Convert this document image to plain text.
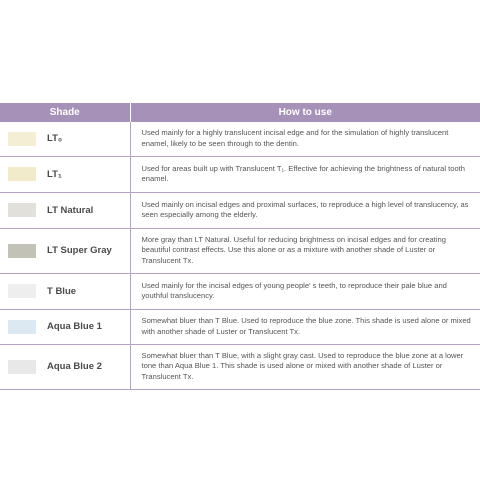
Shade	How to use

LT₀	Used mainly for a highly translucent incisal edge and for the simulation of highly translucent enamel, likely to be seen through to the dentin.

LT₁	Used for areas built up with Translucent T₁. Effective for achieving the brightness of natural tooth enamel.

LT Natural	Used mainly on incisal edges and proximal surfaces, to reproduce a high level of translucency, as seen especially among the elderly.

LT Super Gray	More gray than LT Natural. Useful for reducing brightness on incisal edges and for creating beautiful contrast effects. Use this alone or as a mixture with another shade of Luster or Translucent Tx.

T Blue	Used mainly for the incisal edges of young people' s teeth, to reproduce their pale blue and youthful translucency.

Aqua Blue 1	Somewhat bluer than T Blue. Used to reproduce the blue zone. This shade is used alone or mixed with another shade of Luster or Translucent Tx.

Aqua Blue 2	Somewhat bluer than T Blue, with a slight gray cast. Used to reproduce the blue zone at a lower tone than Aqua Blue 1. This shade is used alone or mixed with another shade of Luster or Translucent Tx.
